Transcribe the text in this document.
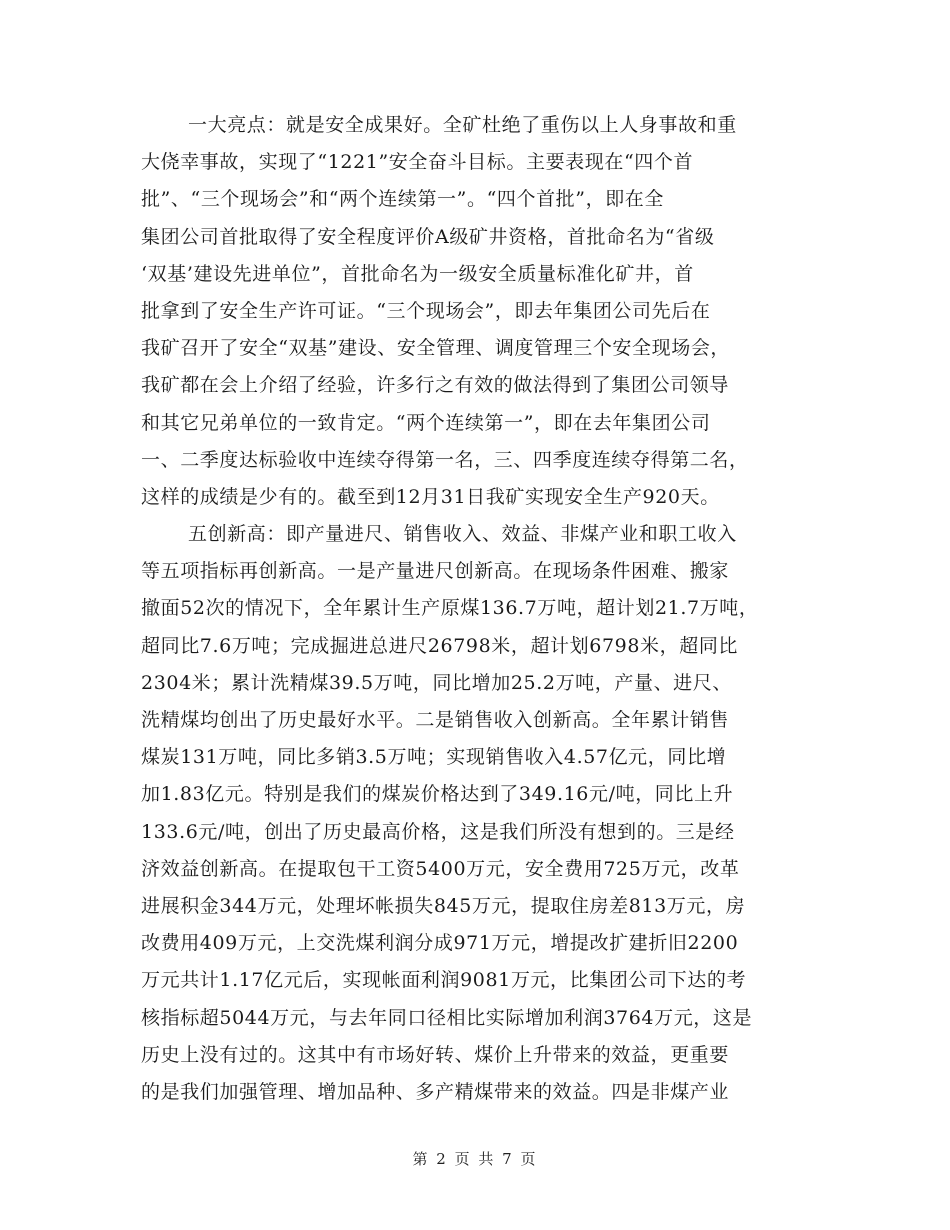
一大亮点：就是安全成果好。全矿杜绝了重伤以上人身事故和重
大侥幸事故，实现了“1221”安全奋斗目标。主要表现在“四个首
批”、“三个现场会”和“两个连续第一”。“四个首批”，即在全
集团公司首批取得了安全程度评价A级矿井资格，首批命名为“省级
‘双基’建设先进单位”，首批命名为一级安全质量标准化矿井，首
批拿到了安全生产许可证。“三个现场会”，即去年集团公司先后在
我矿召开了安全“双基”建设、安全管理、调度管理三个安全现场会，
我矿都在会上介绍了经验，许多行之有效的做法得到了集团公司领导
和其它兄弟单位的一致肯定。“两个连续第一”，即在去年集团公司
一、二季度达标验收中连续夺得第一名，三、四季度连续夺得第二名，
这样的成绩是少有的。截至到12月31日我矿实现安全生产920天。
五创新高：即产量进尺、销售收入、效益、非煤产业和职工收入
等五项指标再创新高。一是产量进尺创新高。在现场条件困难、搬家
撤面52次的情况下，全年累计生产原煤136.7万吨，超计划21.7万吨，
超同比7.6万吨；完成掘进总进尺26798米，超计划6798米，超同比
2304米；累计洗精煤39.5万吨，同比增加25.2万吨，产量、进尺、
洗精煤均创出了历史最好水平。二是销售收入创新高。全年累计销售
煤炭131万吨，同比多销3.5万吨；实现销售收入4.57亿元，同比增
加1.83亿元。特别是我们的煤炭价格达到了349.16元/吨，同比上升
133.6元/吨，创出了历史最高价格，这是我们所没有想到的。三是经
济效益创新高。在提取包干工资5400万元，安全费用725万元，改革
进展积金344万元，处理坏帐损失845万元，提取住房差813万元，房
改费用409万元，上交洗煤利润分成971万元，增提改扩建折旧2200
万元共计1.17亿元后，实现帐面利润9081万元，比集团公司下达的考
核指标超5044万元，与去年同口径相比实际增加利润3764万元，这是
历史上没有过的。这其中有市场好转、煤价上升带来的效益，更重要
的是我们加强管理、增加品种、多产精煤带来的效益。四是非煤产业
第 2 页 共 7 页
